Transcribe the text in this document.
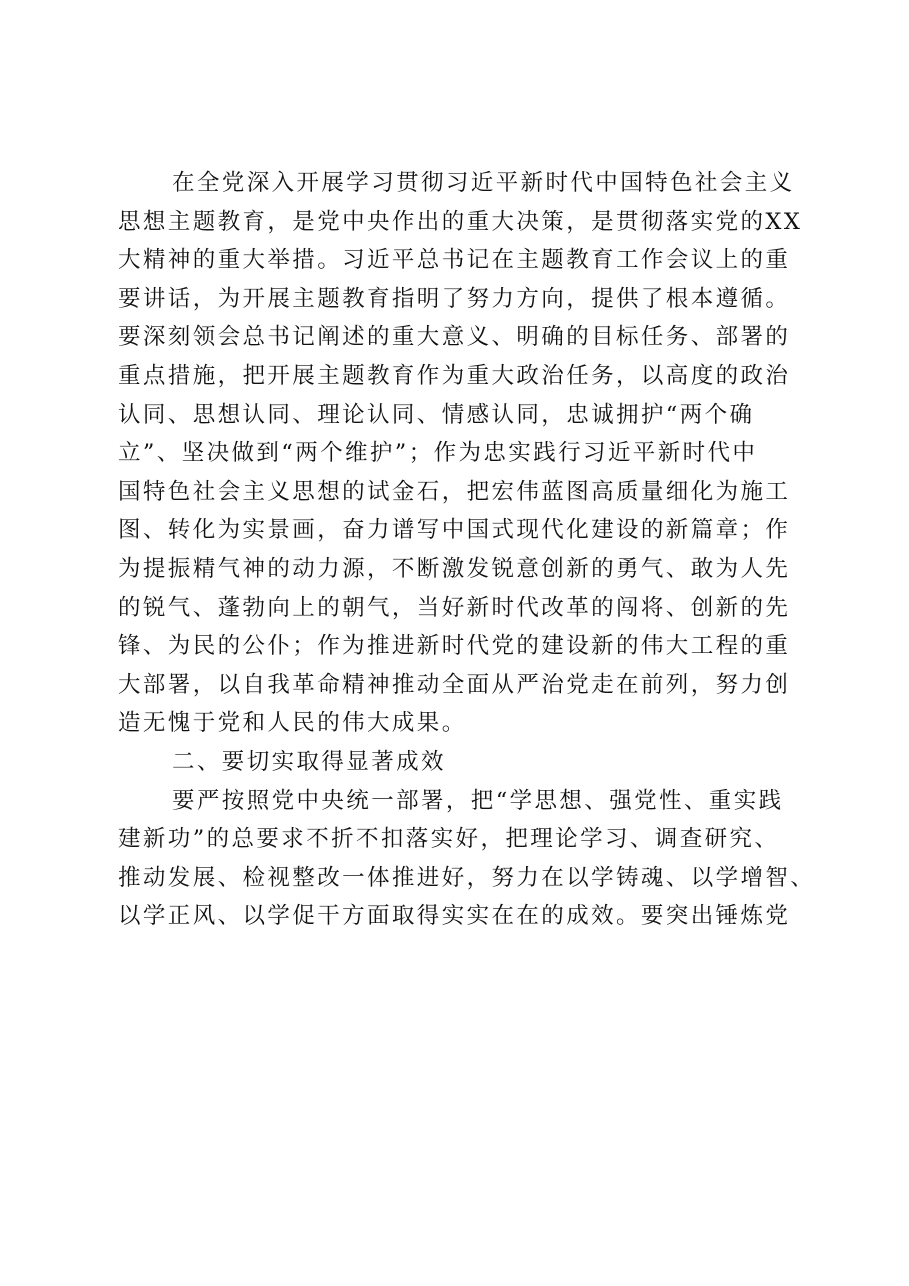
在全党深入开展学习贯彻习近平新时代中国特色社会主义
思想主题教育，是党中央作出的重大决策，是贯彻落实党的XX
大精神的重大举措。习近平总书记在主题教育工作会议上的重
要讲话，为开展主题教育指明了努力方向，提供了根本遵循。
要深刻领会总书记阐述的重大意义、明确的目标任务、部署的
重点措施，把开展主题教育作为重大政治任务，以高度的政治
认同、思想认同、理论认同、情感认同，忠诚拥护“两个确
立”、坚决做到“两个维护”；作为忠实践行习近平新时代中
国特色社会主义思想的试金石，把宏伟蓝图高质量细化为施工
图、转化为实景画，奋力谱写中国式现代化建设的新篇章；作
为提振精气神的动力源，不断激发锐意创新的勇气、敢为人先
的锐气、蓬勃向上的朝气，当好新时代改革的闯将、创新的先
锋、为民的公仆；作为推进新时代党的建设新的伟大工程的重
大部署，以自我革命精神推动全面从严治党走在前列，努力创
造无愧于党和人民的伟大成果。
二、要切实取得显著成效
要严按照党中央统一部署，把“学思想、强党性、重实践
建新功”的总要求不折不扣落实好，把理论学习、调查研究、
推动发展、检视整改一体推进好，努力在以学铸魂、以学增智、
以学正风、以学促干方面取得实实在在的成效。要突出锤炼党
